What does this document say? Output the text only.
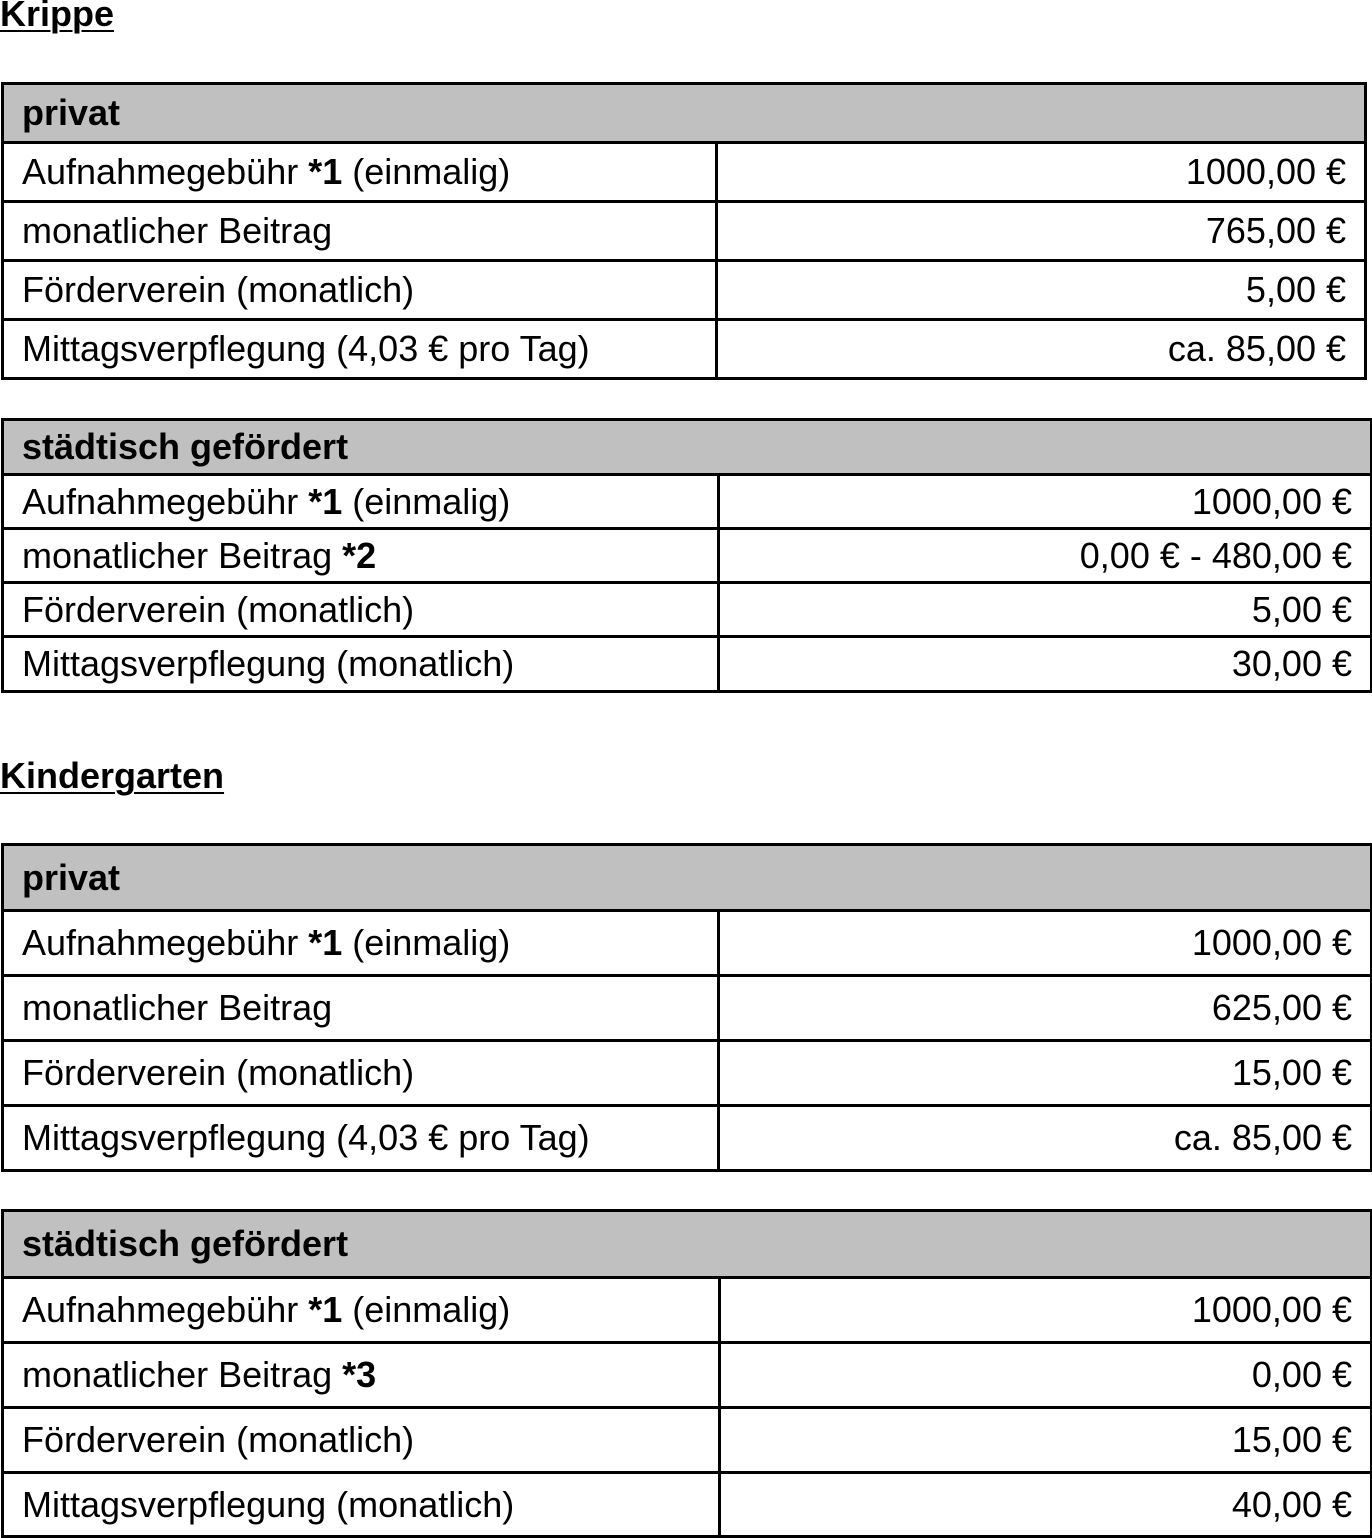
Krippe
privat	
Aufnahmegebühr *1 (einmalig)	1000,00 €
monatlicher Beitrag	765,00 €
Förderverein (monatlich)	5,00 €
Mittagsverpflegung (4,03 € pro Tag)	ca. 85,00 €
städtisch gefördert	
Aufnahmegebühr *1 (einmalig)	1000,00 €
monatlicher Beitrag *2	0,00 € - 480,00 €
Förderverein (monatlich)	5,00 €
Mittagsverpflegung (monatlich)	30,00 €
Kindergarten
privat	
Aufnahmegebühr *1 (einmalig)	1000,00 €
monatlicher Beitrag	625,00 €
Förderverein (monatlich)	15,00 €
Mittagsverpflegung (4,03 € pro Tag)	ca. 85,00 €
städtisch gefördert	
Aufnahmegebühr *1 (einmalig)	1000,00 €
monatlicher Beitrag *3	0,00 €
Förderverein (monatlich)	15,00 €
Mittagsverpflegung (monatlich)	40,00 €
